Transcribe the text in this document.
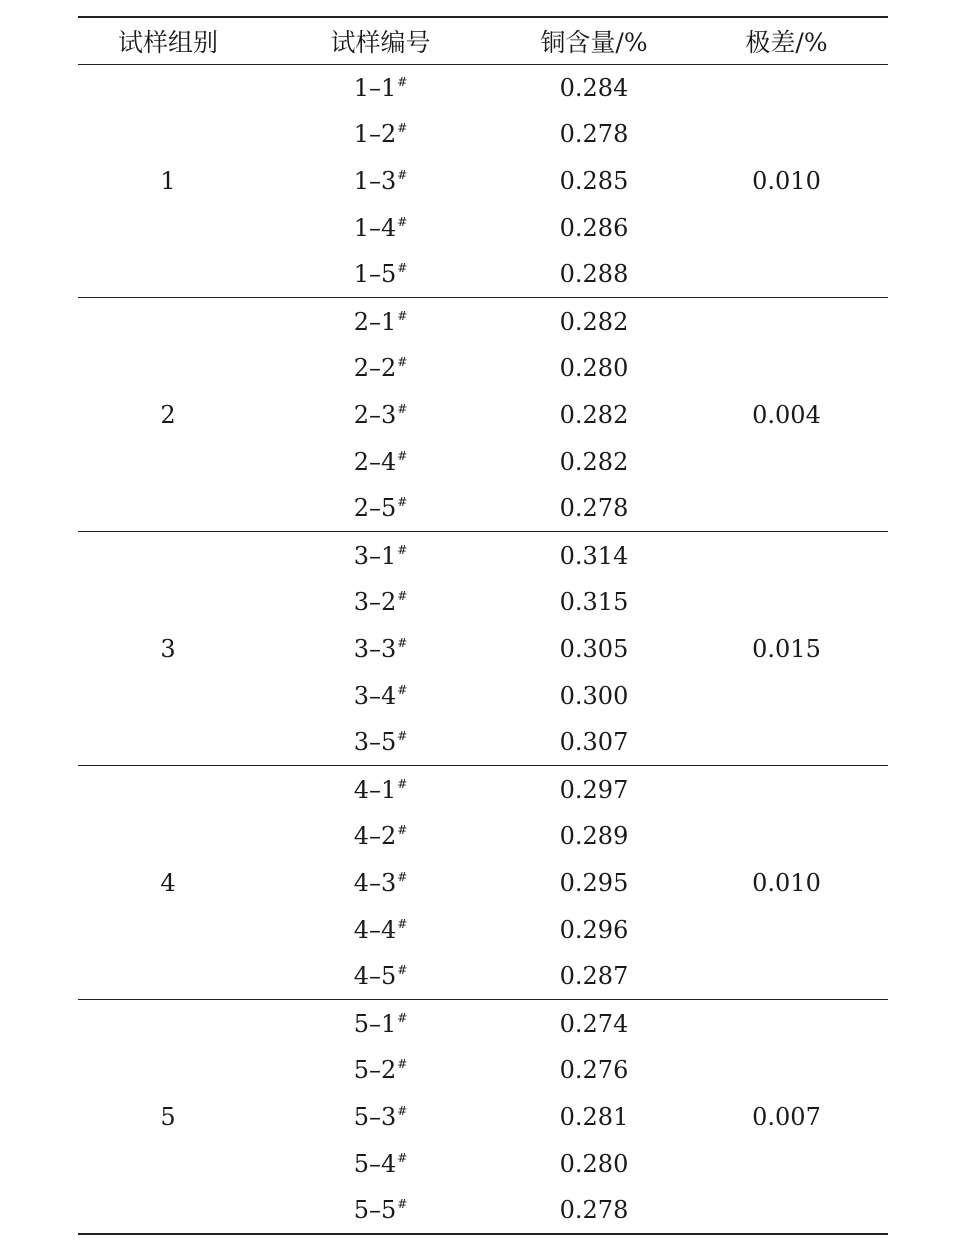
试样组别	试样编号	铜含量/%	极差/%
1	1–1#	0.284	0.010
	1–2#	0.278	
	1–3#	0.285	
	1–4#	0.286	
	1–5#	0.288	
2	2–1#	0.282	0.004
	2–2#	0.280	
	2–3#	0.282	
	2–4#	0.282	
	2–5#	0.278	
3	3–1#	0.314	0.015
	3–2#	0.315	
	3–3#	0.305	
	3–4#	0.300	
	3–5#	0.307	
4	4–1#	0.297	0.010
	4–2#	0.289	
	4–3#	0.295	
	4–4#	0.296	
	4–5#	0.287	
5	5–1#	0.274	0.007
	5–2#	0.276	
	5–3#	0.281	
	5–4#	0.280	
	5–5#	0.278	
